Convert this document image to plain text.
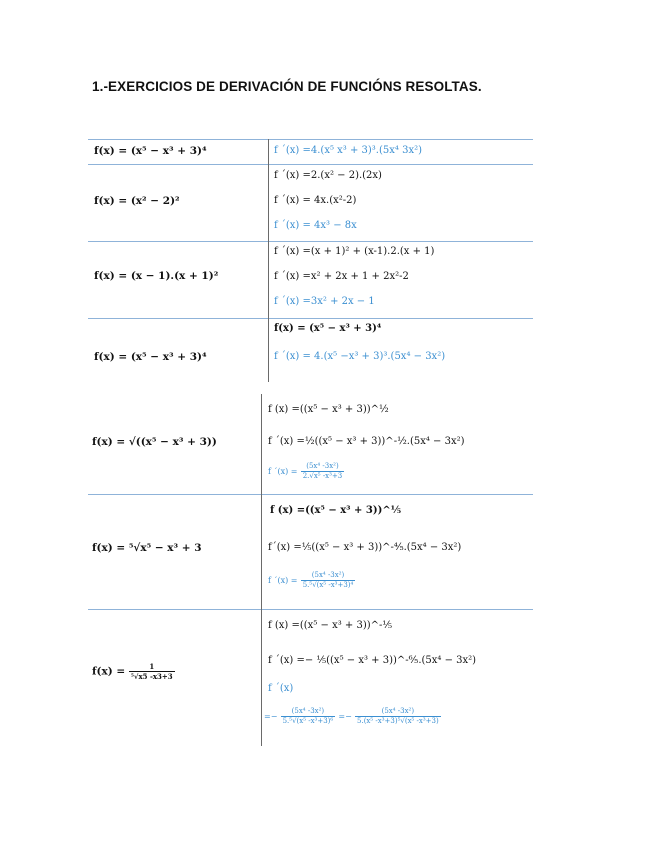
1.-EXERCICIOS DE DERIVACIÓN DE FUNCIÓNS RESOLTAS.
f(x) = (x⁵ − x³ + 3)⁴	f ´(x) =4.(x⁵ x³ + 3)³.(5x⁴ 3x²)
f(x) = (x² − 2)²
f ´(x) =2.(x² − 2).(2x)
f ´(x) = 4x.(x²-2)
f ´(x) = 4x³ − 8x
f(x) = (x − 1).(x + 1)²
f ´(x) =(x + 1)² + (x-1).2.(x + 1)
f ´(x) =x² + 2x + 1 + 2x²-2
f ´(x) =3x² + 2x − 1
f(x) = (x⁵ − x³ + 3)⁴
f(x) = (x⁵ − x³ + 3)⁴
f ´(x) = 4.(x⁵ −x³ + 3)³.(5x⁴ − 3x²)
f(x) = √((x⁵ − x³ + 3))
f (x) =((x⁵ − x³ + 3))^½
f ´(x) =½((x⁵ − x³ + 3))^-½.(5x⁴ − 3x²)
f ´(x) = $\frac{\text{(5x⁴ -3x²)}}{\text{2.√x⁵ -x³+3}}$
f(x) = ⁵√x⁵ − x³ + 3
f (x) =((x⁵ − x³ + 3))^⅕
f´(x) =⅕((x⁵ − x³ + 3))^-⁴⁄₅.(5x⁴ − 3x²)
f ´(x) = $\frac{\text{(5x⁴ -3x²)}}{\text{5.⁵√(x⁵ -x³+3)⁴}}$
$f(x) = \frac{1}{\text{⁵√x5 -x3+3}}$
f (x) =((x⁵ − x³ + 3))^-⅕
f ´(x) =− ⅕((x⁵ − x³ + 3))^-⁶⁄₅.(5x⁴ − 3x²)
f ´(x)
=− $\frac{\text{(5x⁴ -3x²)}}{\text{5.⁵√(x⁵ -x³+3)⁶}} =- \frac{\text{(5x⁴ -3x²)}}{\text{5.(x⁵ -x³+3)⁵√(x⁵ -x³+3)}}$
